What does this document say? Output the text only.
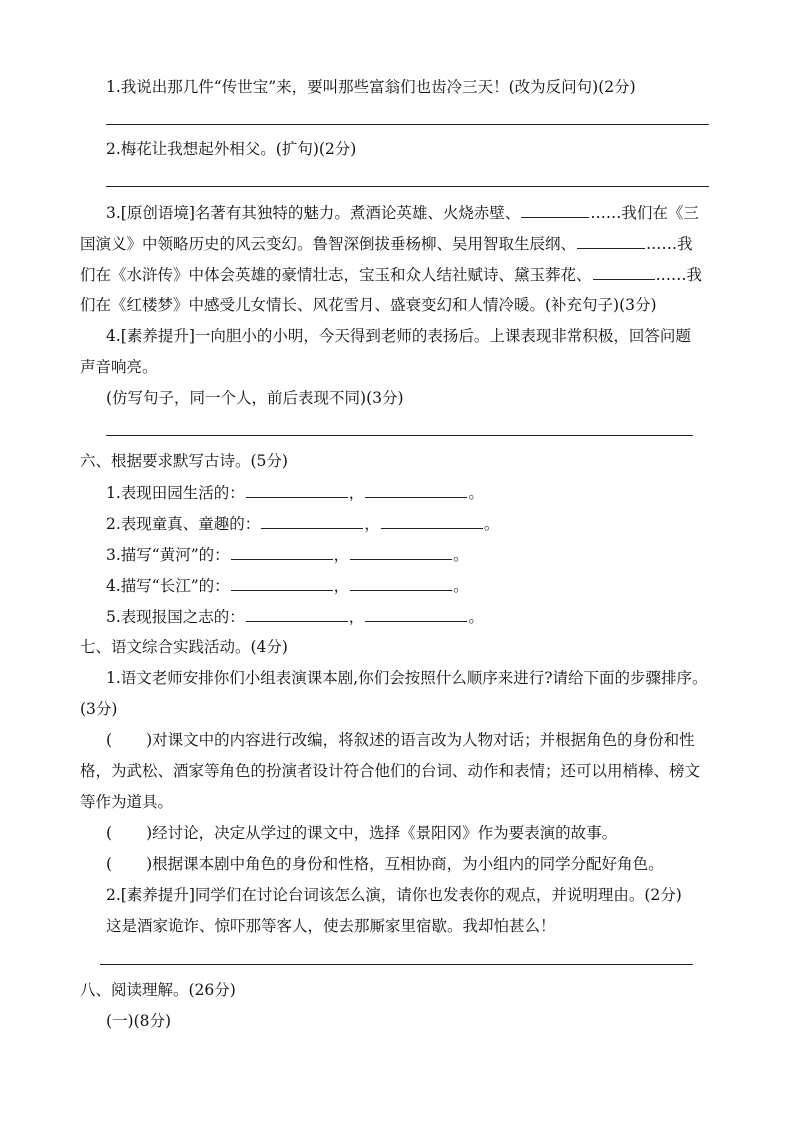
1.我说出那几件“传世宝”来，要叫那些富翁们也齿冷三天！(改为反问句)(2分)
2.梅花让我想起外相父。(扩句)(2分)
3.[原创语境]名著有其独特的魅力。煮酒论英雄、火烧赤壁、	……我们在《三
国演义》中领略历史的风云变幻。鲁智深倒拔垂杨柳、吴用智取生辰纲、	……我
们在《水浒传》中体会英雄的豪情壮志，宝玉和众人结社赋诗、黛玉葬花、	……我
们在《红楼梦》中感受儿女情长、风花雪月、盛衰变幻和人情冷暖。(补充句子)(3分)
4.[素养提升]一向胆小的小明，今天得到老师的表扬后。上课表现非常积极，回答问题
声音响亮。
(仿写句子，同一个人，前后表现不同)(3分)
六、根据要求默写古诗。(5分)
1.表现田园生活的：	，	。
2.表现童真、童趣的：	，	。
3.描写“黄河”的：	，	。
4.描写“长江”的：	，	。
5.表现报国之志的：	，	。
七、语文综合实践活动。(4分)
1.语文老师安排你们小组表演课本剧,你们会按照什么顺序来进行?请给下面的步骤排序。
(3分)
( )对课文中的内容进行改编，将叙述的语言改为人物对话；并根据角色的身份和性
格，为武松、酒家等角色的扮演者设计符合他们的台词、动作和表情；还可以用梢棒、榜文
等作为道具。
( )经讨论，决定从学过的课文中，选择《景阳冈》作为要表演的故事。
( )根据课本剧中角色的身份和性格，互相协商，为小组内的同学分配好角色。
2.[素养提升]同学们在讨论台词该怎么演，请你也发表你的观点，并说明理由。(2分)
这是酒家诡诈、惊吓那等客人，使去那厮家里宿歇。我却怕甚么！
八、阅读理解。(26分)
(一)(8分)
